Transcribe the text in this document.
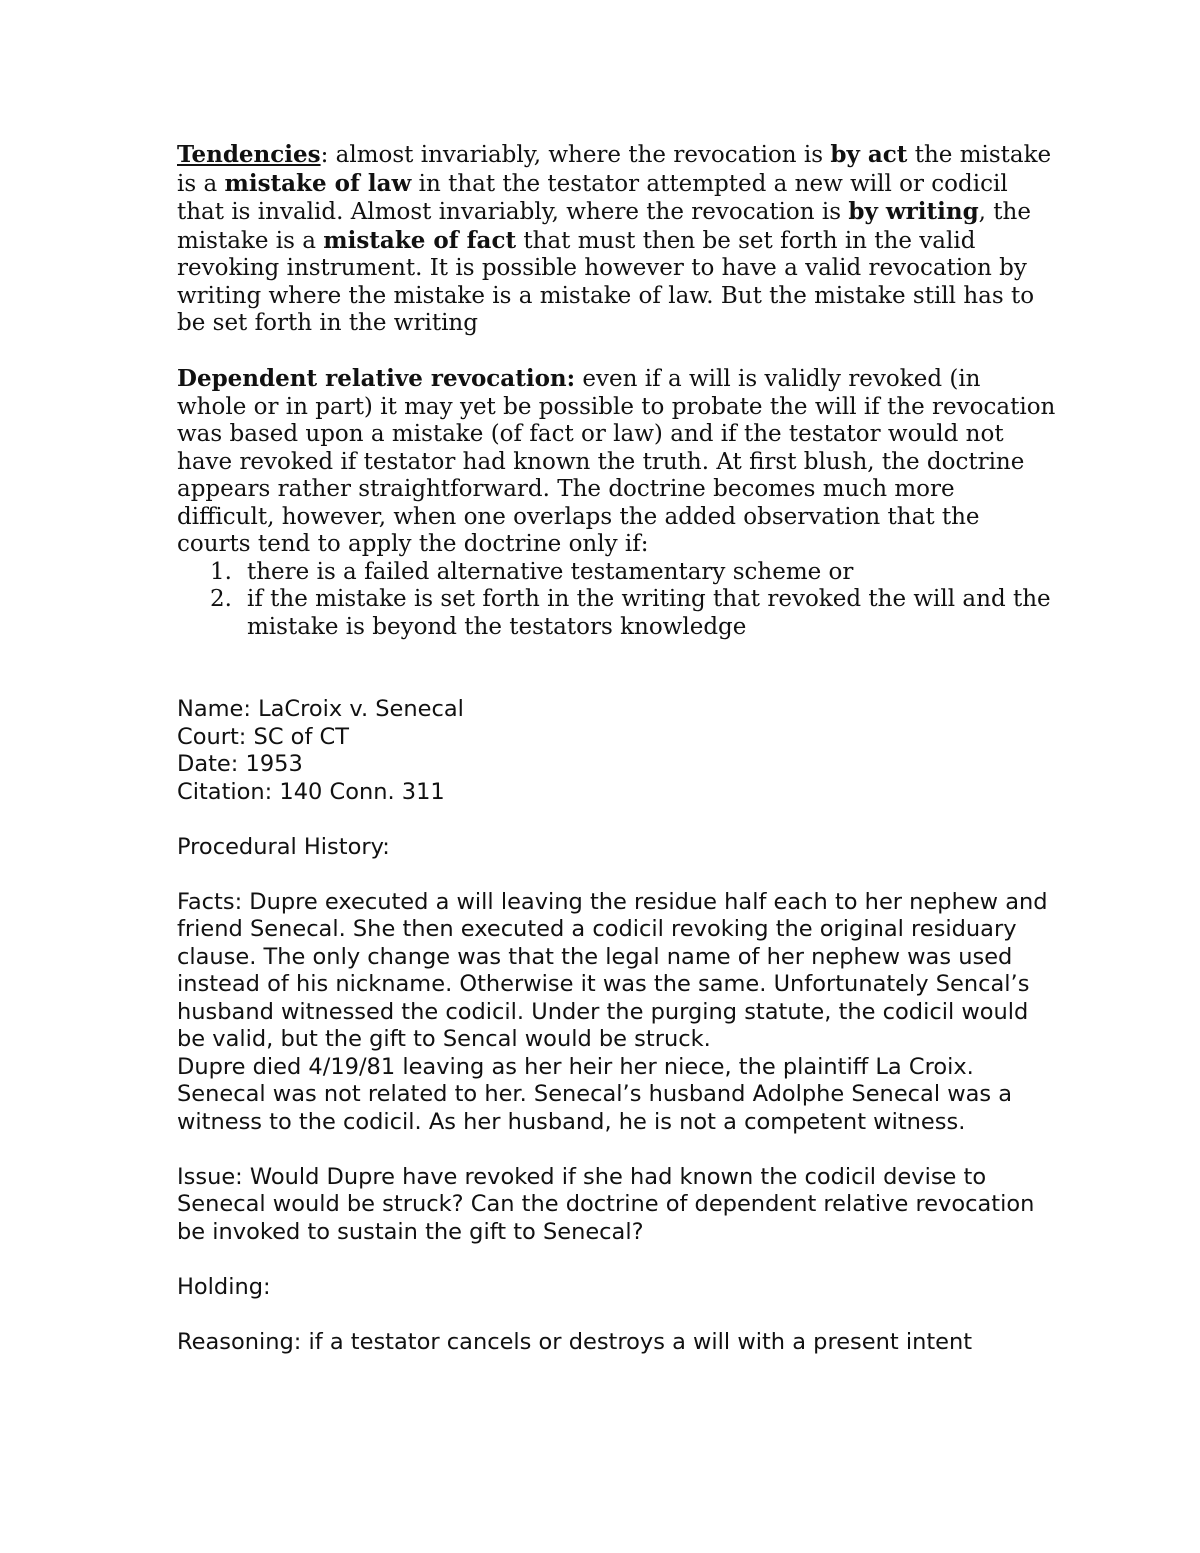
Tendencies: almost invariably, where the revocation is by act the mistake is a mistake of law in that the testator attempted a new will or codicil that is invalid. Almost invariably, where the revocation is by writing, the mistake is a mistake of fact that must then be set forth in the valid revoking instrument. It is possible however to have a valid revocation by writing where the mistake is a mistake of law. But the mistake still has to be set forth in the writing

Dependent relative revocation: even if a will is validly revoked (in whole or in part) it may yet be possible to probate the will if the revocation was based upon a mistake (of fact or law) and if the testator would not have revoked if testator had known the truth. At first blush, the doctrine appears rather straightforward. The doctrine becomes much more difficult, however, when one overlaps the added observation that the courts tend to apply the doctrine only if:

1. there is a failed alternative testamentary scheme or
2. if the mistake is set forth in the writing that revoked the will and the mistake is beyond the testators knowledge

Name: LaCroix v. Senecal

Court: SC of CT

Date: 1953

Citation: 140 Conn. 311

Procedural History:

Facts: Dupre executed a will leaving the residue half each to her nephew and friend Senecal. She then executed a codicil revoking the original residuary clause. The only change was that the legal name of her nephew was used instead of his nickname. Otherwise it was the same. Unfortunately Sencal’s husband witnessed the codicil. Under the purging statute, the codicil would be valid, but the gift to Sencal would be struck.

Dupre died 4/19/81 leaving as her heir her niece, the plaintiff La Croix. Senecal was not related to her. Senecal’s husband Adolphe Senecal was a witness to the codicil. As her husband, he is not a competent witness.

Issue: Would Dupre have revoked if she had known the codicil devise to Senecal would be struck? Can the doctrine of dependent relative revocation be invoked to sustain the gift to Senecal?

Holding:

Reasoning: if a testator cancels or destroys a will with a present intent
